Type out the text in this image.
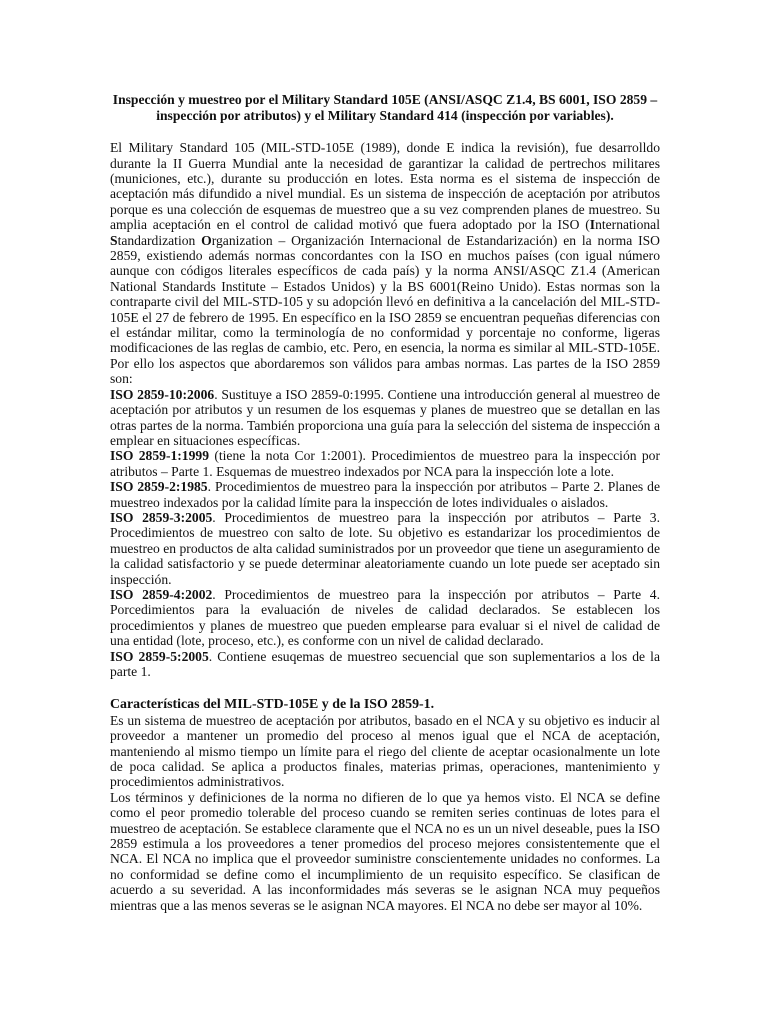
Inspección y muestreo por el Military Standard 105E (ANSI/ASQC Z1.4, BS 6001, ISO 2859 – inspección por atributos) y el Military Standard 414 (inspección por variables).

El Military Standard 105 (MIL-STD-105E (1989), donde E indica la revisión), fue desarrolldo durante la II Guerra Mundial ante la necesidad de garantizar la calidad de pertrechos militares (municiones, etc.), durante su producción en lotes. Esta norma es el sistema de inspección de aceptación más difundido a nivel mundial. Es un sistema de inspección de aceptación por atributos porque es una colección de esquemas de muestreo que a su vez comprenden planes de muestreo. Su amplia aceptación en el control de calidad motivó que fuera adoptado por la ISO (International Standardization Organization – Organización Internacional de Estandarización) en la norma ISO 2859, existiendo además normas concordantes con la ISO en muchos países (con igual número aunque con códigos literales específicos de cada país) y la norma ANSI/ASQC Z1.4 (American National Standards Institute – Estados Unidos) y la BS 6001(Reino Unido). Estas normas son la contraparte civil del MIL-STD-105 y su adopción llevó en definitiva a la cancelación del MIL-STD-105E el 27 de febrero de 1995. En específico en la ISO 2859 se encuentran pequeñas diferencias con el estándar militar, como la terminología de no conformidad y porcentaje no conforme, ligeras modificaciones de las reglas de cambio, etc. Pero, en esencia, la norma es similar al MIL-STD-105E. Por ello los aspectos que abordaremos son válidos para ambas normas. Las partes de la ISO 2859 son:

ISO 2859-10:2006. Sustituye a ISO 2859-0:1995. Contiene una introducción general al muestreo de aceptación por atributos y un resumen de los esquemas y planes de muestreo que se detallan en las otras partes de la norma. También proporciona una guía para la selección del sistema de inspección a emplear en situaciones específicas.

ISO 2859-1:1999 (tiene la nota Cor 1:2001). Procedimientos de muestreo para la inspección por atributos – Parte 1. Esquemas de muestreo indexados por NCA para la inspección lote a lote.

ISO 2859-2:1985. Procedimientos de muestreo para la inspección por atributos – Parte 2. Planes de muestreo indexados por la calidad límite para la inspección de lotes individuales o aislados.

ISO 2859-3:2005. Procedimientos de muestreo para la inspección por atributos – Parte 3. Procedimientos de muestreo con salto de lote. Su objetivo es estandarizar los procedimientos de muestreo en productos de alta calidad suministrados por un proveedor que tiene un aseguramiento de la calidad satisfactorio y se puede determinar aleatoriamente cuando un lote puede ser aceptado sin inspección.

ISO 2859-4:2002. Procedimientos de muestreo para la inspección por atributos – Parte 4. Porcedimientos para la evaluación de niveles de calidad declarados. Se establecen los procedimientos y planes de muestreo que pueden emplearse para evaluar si el nivel de calidad de una entidad (lote, proceso, etc.), es conforme con un nivel de calidad declarado.

ISO 2859-5:2005. Contiene esuqemas de muestreo secuencial que son suplementarios a los de la parte 1.

Características del MIL-STD-105E y de la ISO 2859-1.

Es un sistema de muestreo de aceptación por atributos, basado en el NCA y su objetivo es inducir al proveedor a mantener un promedio del proceso al menos igual que el NCA de aceptación, manteniendo al mismo tiempo un límite para el riego del cliente de aceptar ocasionalmente un lote de poca calidad. Se aplica a productos finales, materias primas, operaciones, mantenimiento y procedimientos administrativos.

Los términos y definiciones de la norma no difieren de lo que ya hemos visto. El NCA se define como el peor promedio tolerable del proceso cuando se remiten series continuas de lotes para el muestreo de aceptación. Se establece claramente que el NCA no es un un nivel deseable, pues la ISO 2859 estimula a los proveedores a tener promedios del proceso mejores consistentemente que el NCA. El NCA no implica que el proveedor suministre conscientemente unidades no conformes. La no conformidad se define como el incumplimiento de un requisito específico. Se clasifican de acuerdo a su severidad. A las inconformidades más severas se le asignan NCA muy pequeños mientras que a las menos severas se le asignan NCA mayores. El NCA no debe ser mayor al 10%.
